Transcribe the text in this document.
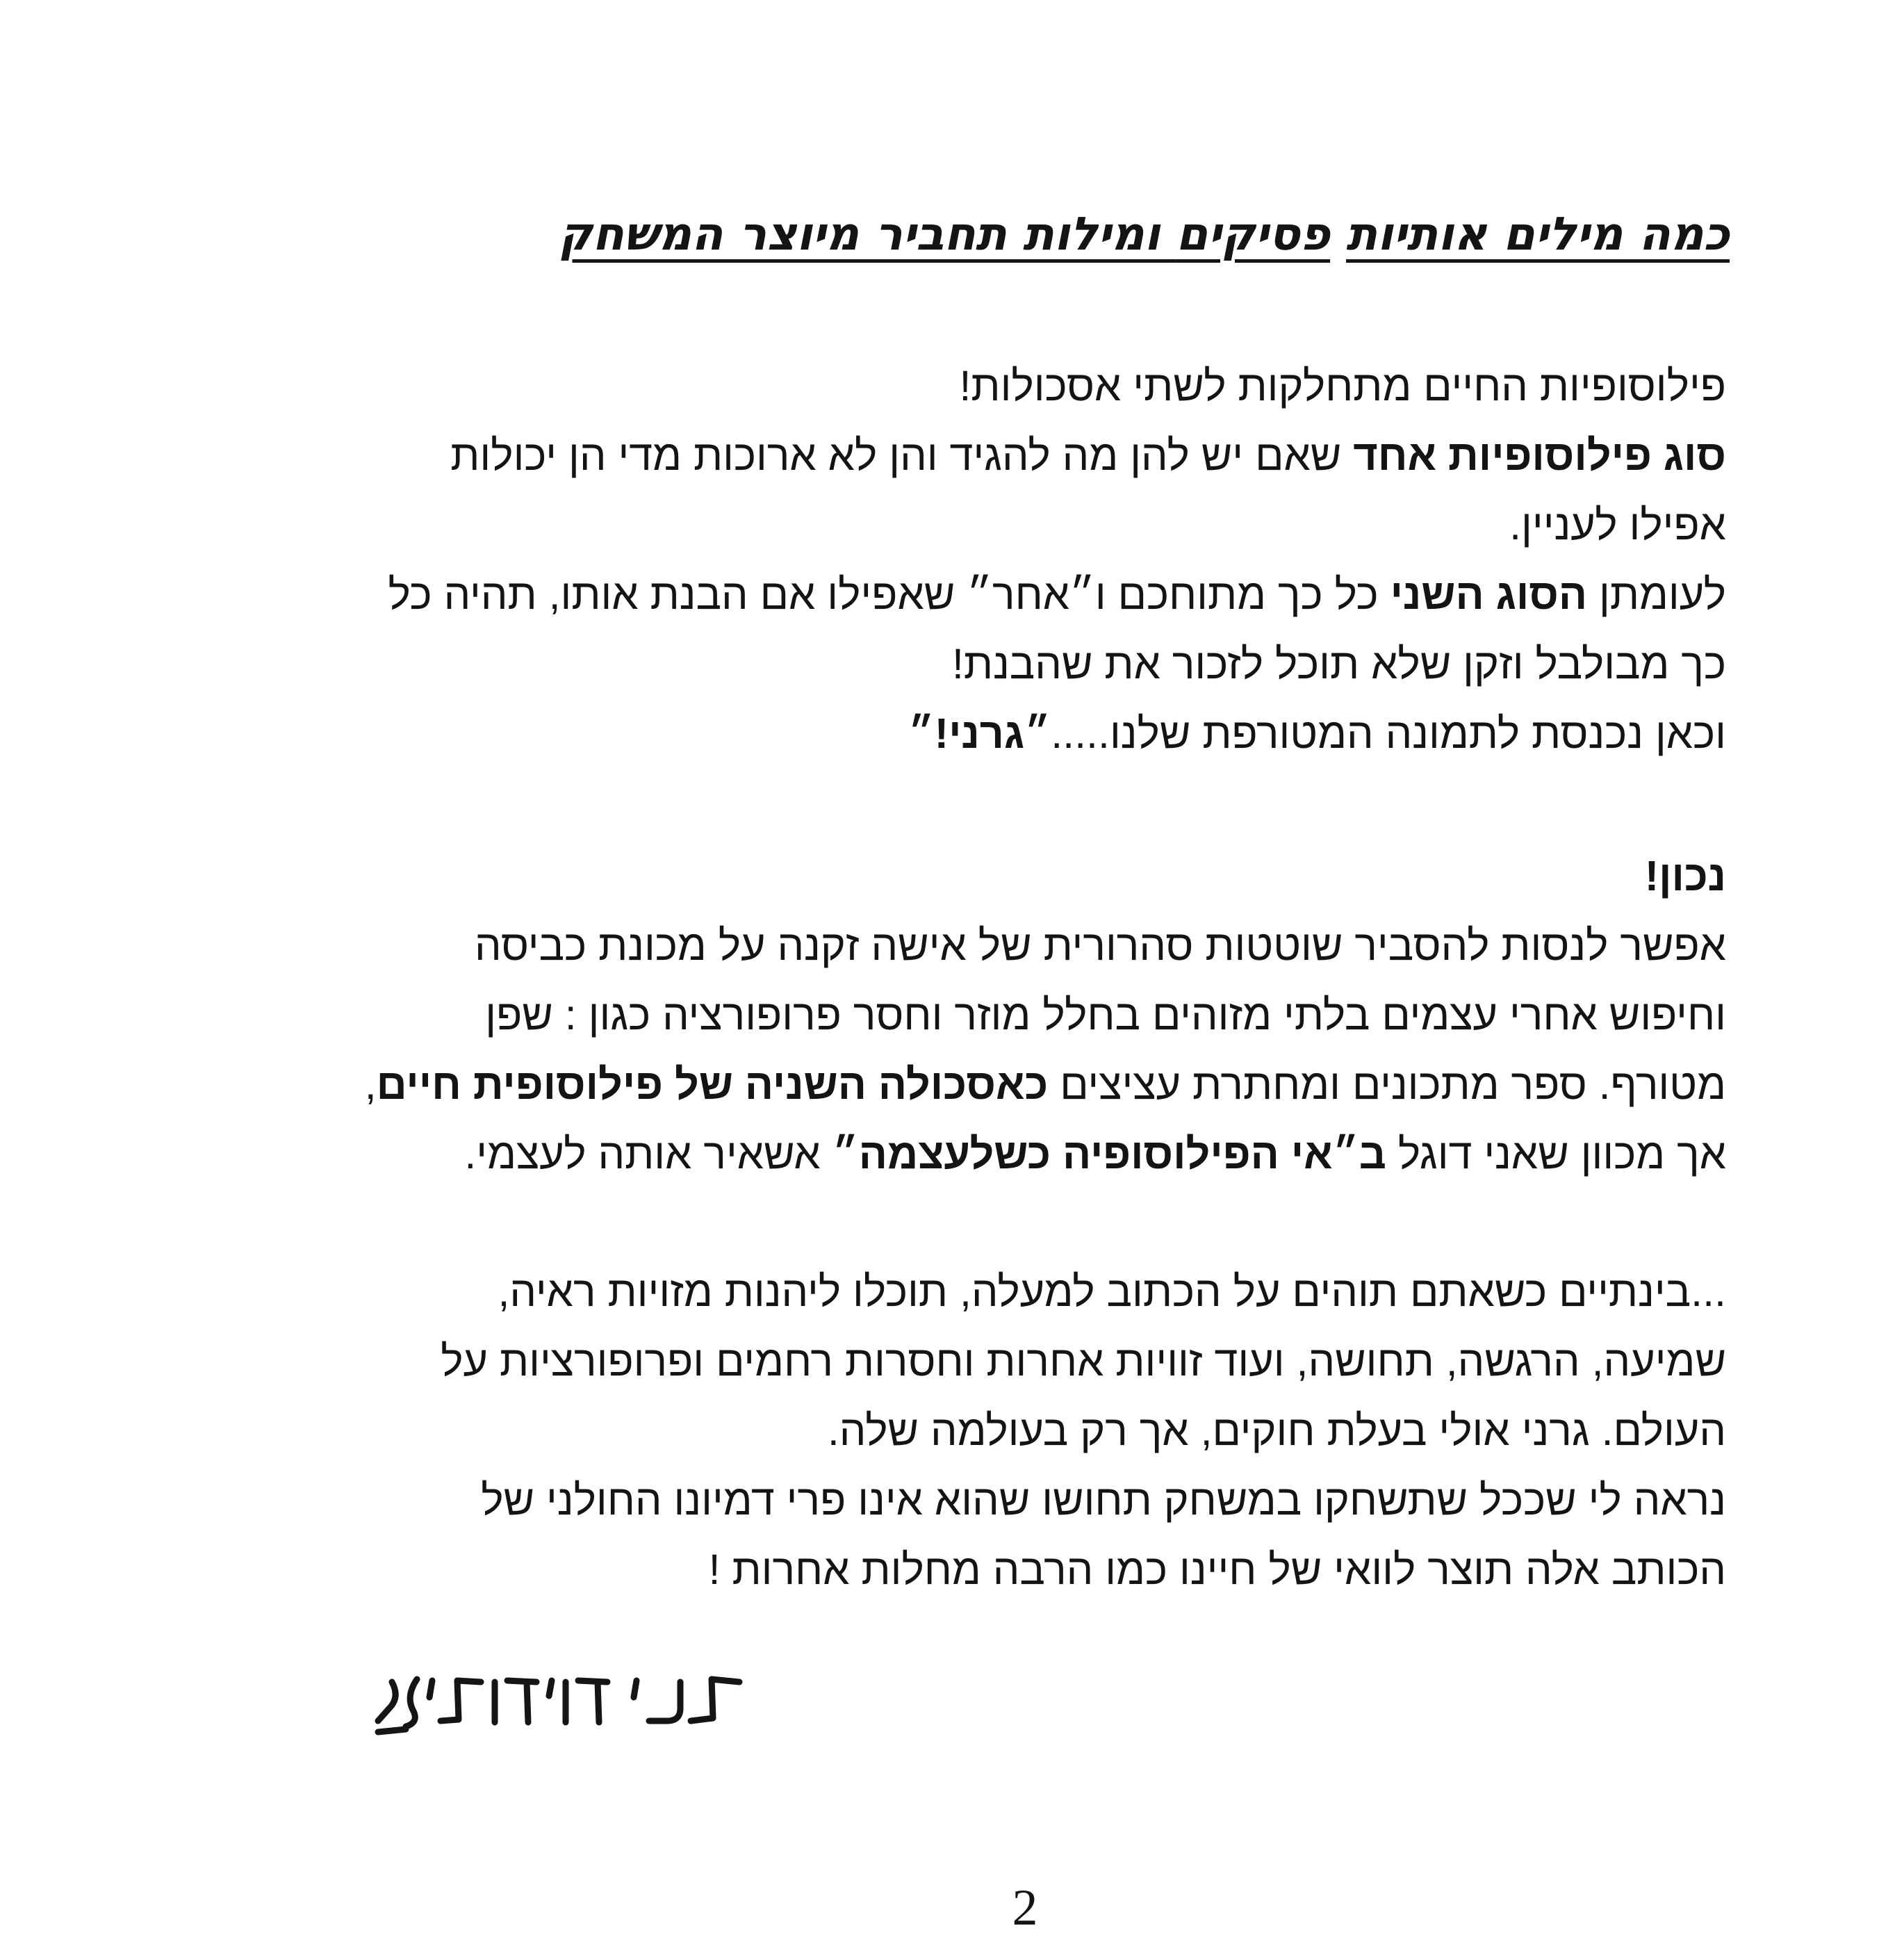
כמה מילים אותיות פסיקים ומילות תחביר מיוצר המשחק
פילוסופיות החיים מתחלקות לשתי אסכולות!
סוג פילוסופיות אחד שאם יש להן מה להגיד והן לא ארוכות מדי הן יכולות
אפילו לעניין.
לעומתן הסוג השני כל כך מתוחכם ו״אחר״ שאפילו אם הבנת אותו, תהיה כל
כך מבולבל וזקן שלא תוכל לזכור את שהבנת!
וכאן נכנסת לתמונה המטורפת שלנו.....״גרני!״
נכון!
אפשר לנסות להסביר שוטטות סהרורית של אישה זקנה על מכונת כביסה
וחיפוש אחרי עצמים בלתי מזוהים בחלל מוזר וחסר פרופורציה כגון : שפן
מטורף. ספר מתכונים ומחתרת עציצים כאסכולה השניה של פילוסופית חיים,
אך מכוון שאני דוגל ב״אי הפילוסופיה כשלעצמה״ אשאיר אותה לעצמי.
...בינתיים כשאתם תוהים על הכתוב למעלה, תוכלו ליהנות מזויות ראיה,
שמיעה, הרגשה, תחושה, ועוד זוויות אחרות וחסרות רחמים ופרופורציות על
העולם. גרני אולי בעלת חוקים, אך רק בעולמה שלה.
נראה לי שככל שתשחקו במשחק תחושו שהוא אינו פרי דמיונו החולני של
הכותב אלה תוצר לוואי של חיינו כמו הרבה מחלות אחרות !
2
